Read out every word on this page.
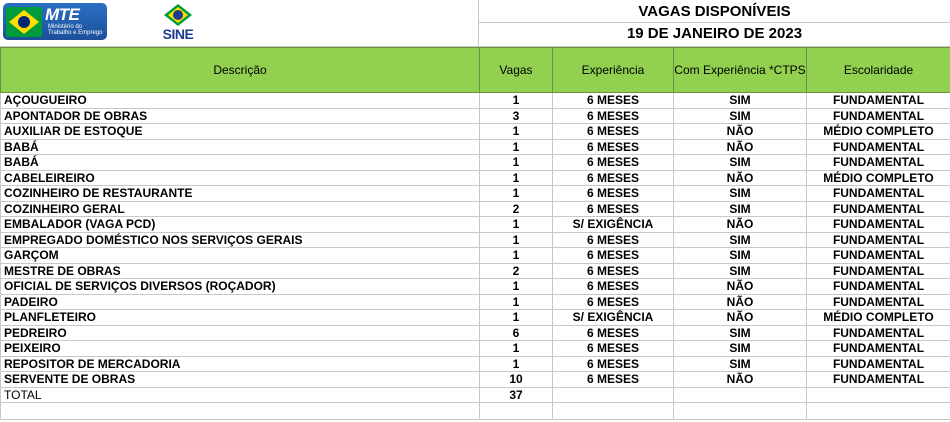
MTE
Ministério do Trabalho e Emprego	SINE
VAGAS DISPONÍVEIS
19 DE JANEIRO DE 2023
Descrição	Vagas	Experiência	Com Experiência *CTPS	Escolaridade
AÇOUGUEIRO	1	6 MESES	SIM	FUNDAMENTAL
APONTADOR DE OBRAS	3	6 MESES	SIM	FUNDAMENTAL
AUXILIAR DE ESTOQUE	1	6 MESES	NÃO	MÉDIO COMPLETO
BABÁ	1	6 MESES	NÃO	FUNDAMENTAL
BABÁ	1	6 MESES	SIM	FUNDAMENTAL
CABELEIREIRO	1	6 MESES	NÃO	MÉDIO COMPLETO
COZINHEIRO DE RESTAURANTE	1	6 MESES	SIM	FUNDAMENTAL
COZINHEIRO GERAL	2	6 MESES	SIM	FUNDAMENTAL
EMBALADOR (VAGA PCD)	1	S/ EXIGÊNCIA	NÃO	FUNDAMENTAL
EMPREGADO DOMÉSTICO NOS SERVIÇOS GERAIS	1	6 MESES	SIM	FUNDAMENTAL
GARÇOM	1	6 MESES	SIM	FUNDAMENTAL
MESTRE DE OBRAS	2	6 MESES	SIM	FUNDAMENTAL
OFICIAL DE SERVIÇOS DIVERSOS (ROÇADOR)	1	6 MESES	NÃO	FUNDAMENTAL
PADEIRO	1	6 MESES	NÃO	FUNDAMENTAL
PLANFLETEIRO	1	S/ EXIGÊNCIA	NÃO	MÉDIO COMPLETO
PEDREIRO	6	6 MESES	SIM	FUNDAMENTAL
PEIXEIRO	1	6 MESES	SIM	FUNDAMENTAL
REPOSITOR DE MERCADORIA	1	6 MESES	SIM	FUNDAMENTAL
SERVENTE DE OBRAS	10	6 MESES	NÃO	FUNDAMENTAL
TOTAL	37			
